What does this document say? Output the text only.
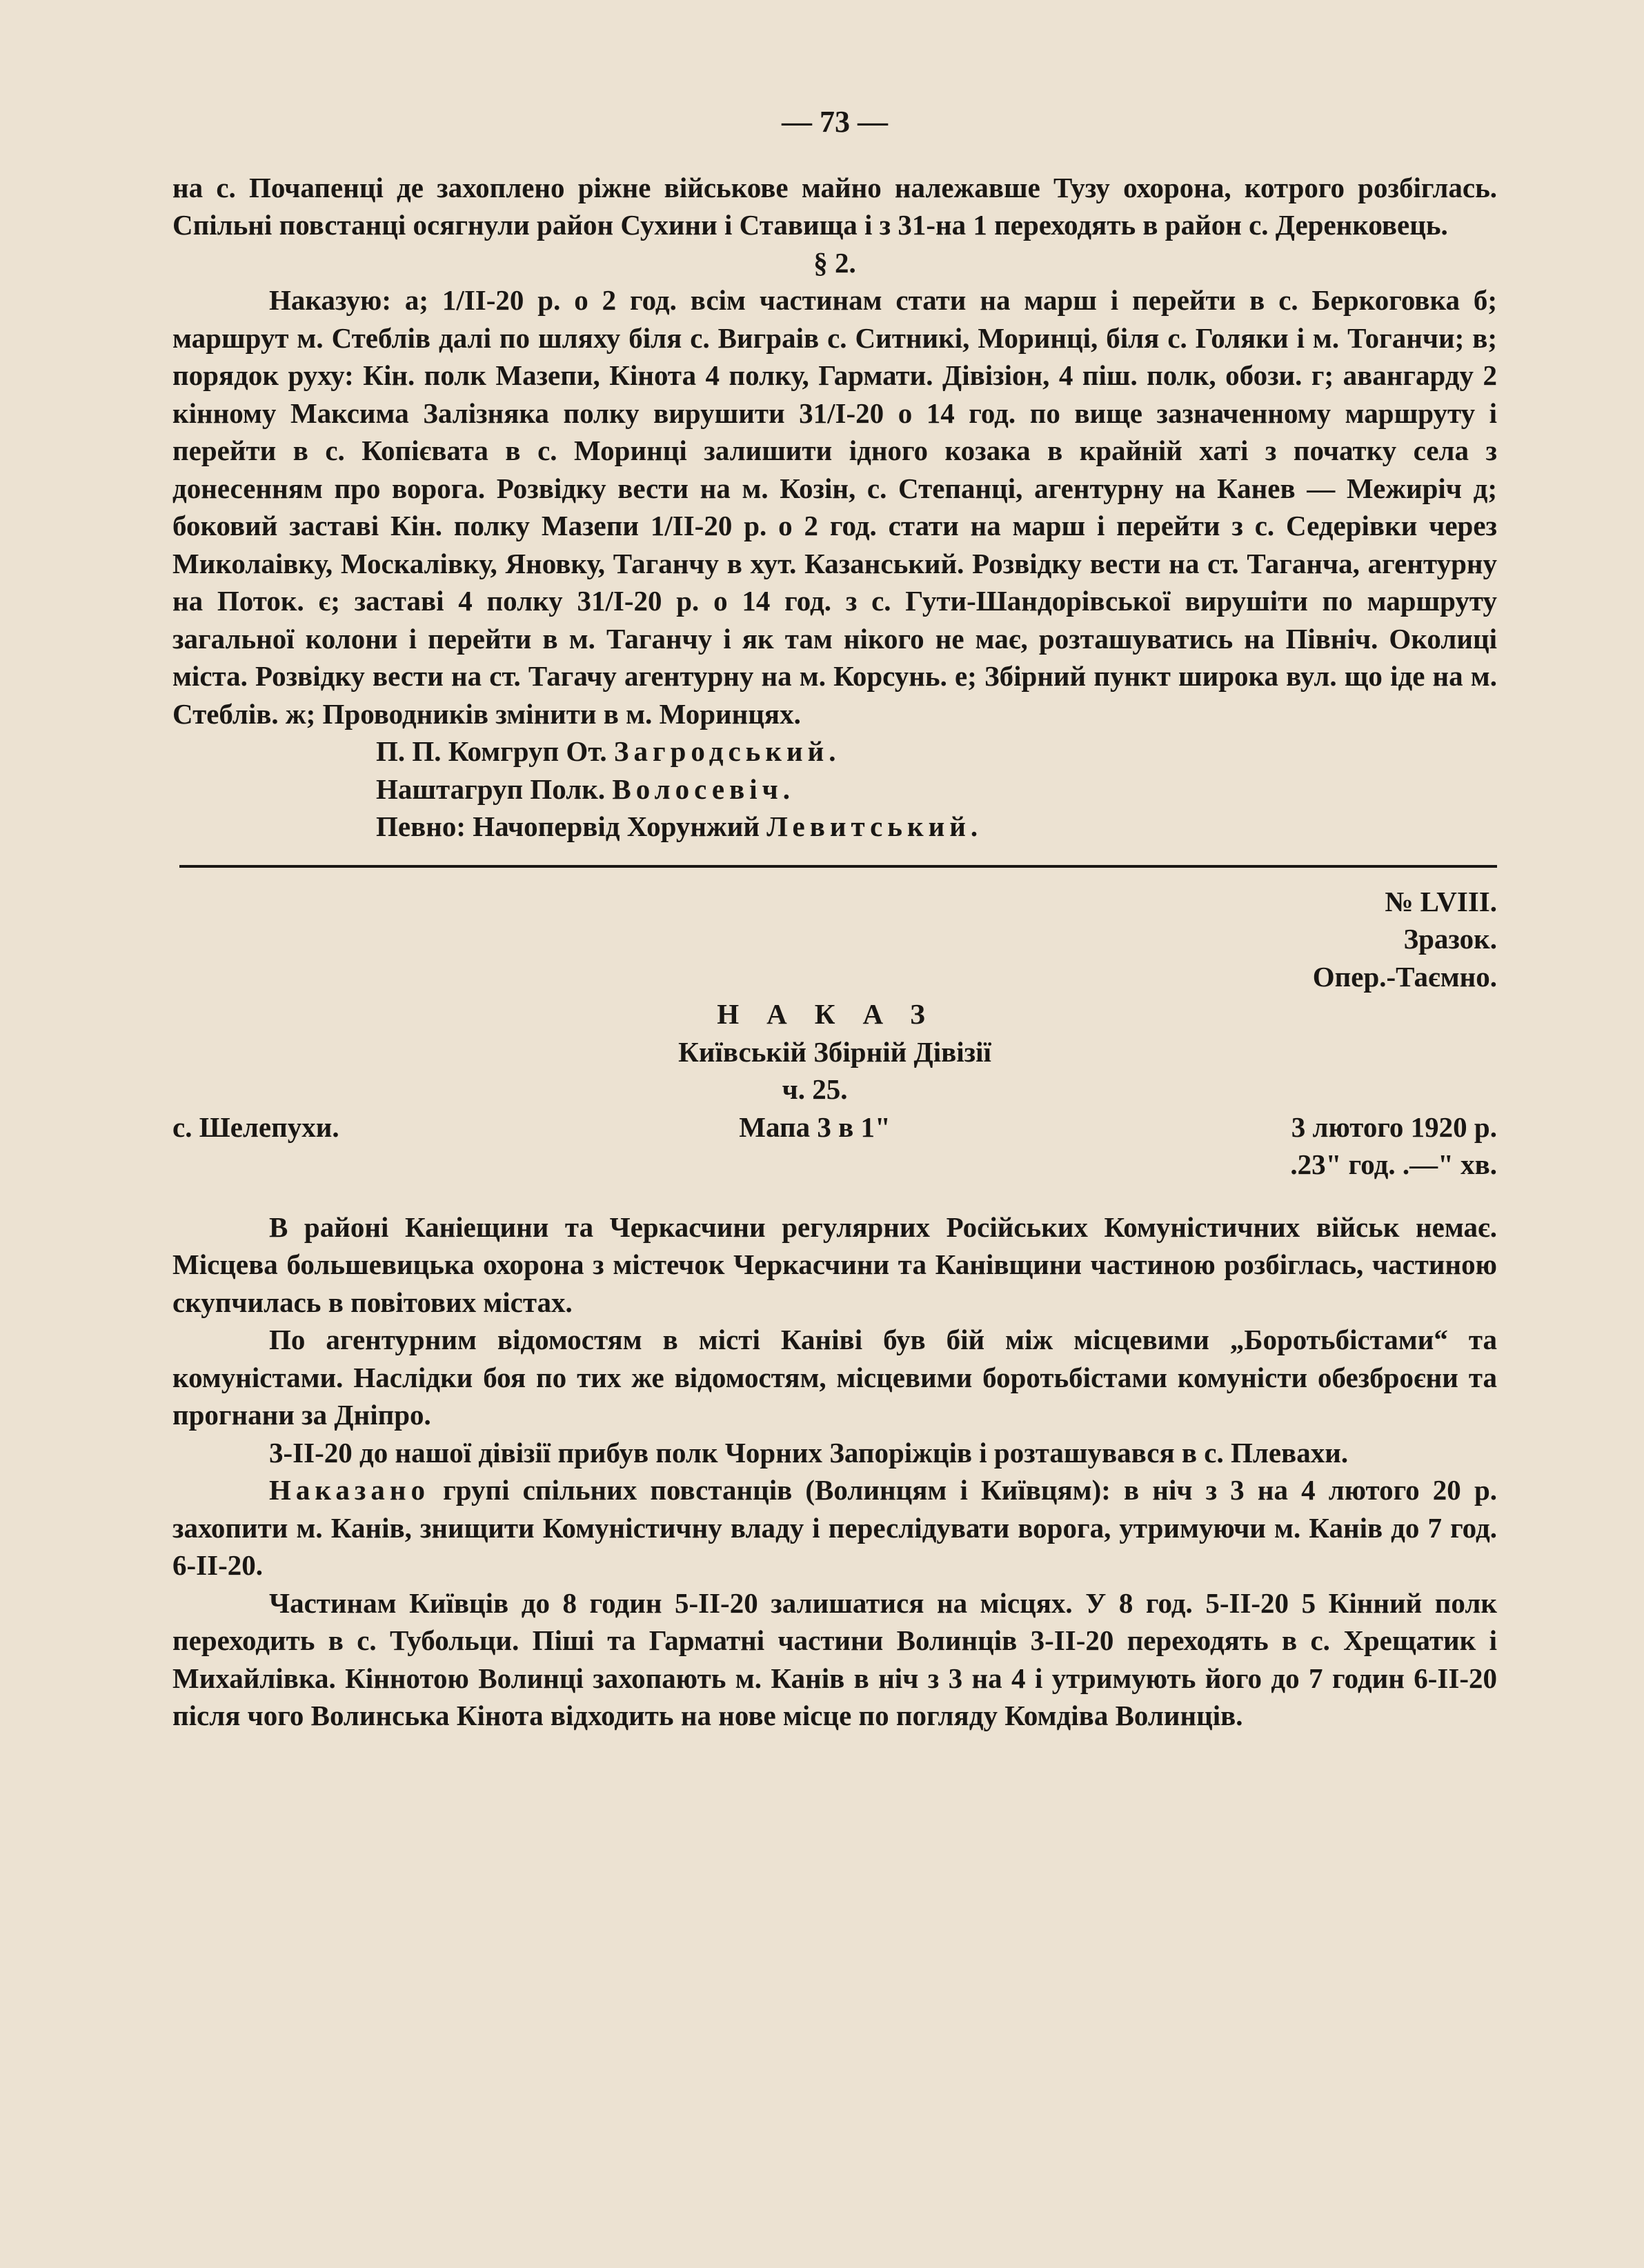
— 73 —

на с. Почапенці де захоплено ріжне військове майно належавше Тузу охорона, котрого розбіглась. Спільні повстанці осягнули район Сухини і Ставища і з 31-на 1 переходять в район с. Деренковець.

§ 2.

Наказую: а; 1/ІІ-20 р. о 2 год. всім частинам стати на марш і перейти в с. Беркоговка б; маршрут м. Стеблів далі по шляху біля с. Виграів с. Ситникі, Моринці, біля с. Голяки і м. Тоганчи; в; порядок руху: Кін. полк Мазепи, Кінота 4 полку, Гармати. Дівізіон, 4 піш. полк, обози. г; авангарду 2 кінному Максима Залізняка полку вирушити 31/І-20 о 14 год. по вище зазначенному маршруту і перейти в с. Копієвата в с. Моринці залишити ідного козака в крайній хаті з початку села з донесенням про ворога. Розвідку вести на м. Козін, с. Степанці, агентурну на Канев — Межиріч д; боковий заставі Кін. полку Мазепи 1/ІІ-20 р. о 2 год. стати на марш і перейти з с. Седерівки через Миколаівку, Москалівку, Яновку, Таганчу в хут. Казанський. Розвідку вести на ст. Таганча, агентурну на Поток. є; заставі 4 полку 31/І-20 р. о 14 год. з с. Гути-Шандорівської вирушіти по маршруту загальної колони і перейти в м. Таганчу і як там нікого не має, розташуватись на Північ. Околиці міста. Розвідку вести на ст. Тагачу агентурну на м. Корсунь. е; Збірний пункт широка вул. що іде на м. Стеблів. ж; Проводників змінити в м. Моринцях.

П. П. Комгруп От. Загродський.

Наштагруп Полк. Волосевіч.

Певно: Начопервід Хорунжий Левитський.

№ LVIII.

Зразок.

Опер.-Таємно.

НАКАЗ

Київській Збірній Дівізії

с. Шелепухи.
ч. 25.
Мапа 3 в 1"
	3 лютого 1920 р.
.23" год. .—" хв.

В районі Каніещини та Черкасчини регулярних Російських Комуністичних військ немає. Місцева большевицька охорона з містечок Черкасчини та Канівщини частиною розбіглась, частиною скупчилась в повітових містах.

По агентурним відомостям в місті Каніві був бій між місцевими „Боротьбістами“ та комуністами. Наслідки боя по тих же відомостям, місцевими боротьбістами комуністи обезброєни та прогнани за Дніпро.

3-ІІ-20 до нашої дівізії прибув полк Чорних Запоріжців і розташувався в с. Плевахи.

Наказано групі спільних повстанців (Волинцям і Київцям): в ніч з 3 на 4 лютого 20 р. захопити м. Канів, знищити Комуністичну владу і переслідувати ворога, утримуючи м. Канів до 7 год. 6-ІІ-20.

Частинам Київців до 8 годин 5-ІІ-20 залишатися на місцях. У 8 год. 5-ІІ-20 5 Кінний полк переходить в с. Тубольци. Піші та Гарматні частини Волинців 3-ІІ-20 переходять в с. Хрещатик і Михайлівка. Кіннотою Волинці захопають м. Канів в ніч з 3 на 4 і утримують його до 7 годин 6-ІІ-20 після чого Волинська Кінота відходить на нове місце по погляду Комдіва Волинців.
